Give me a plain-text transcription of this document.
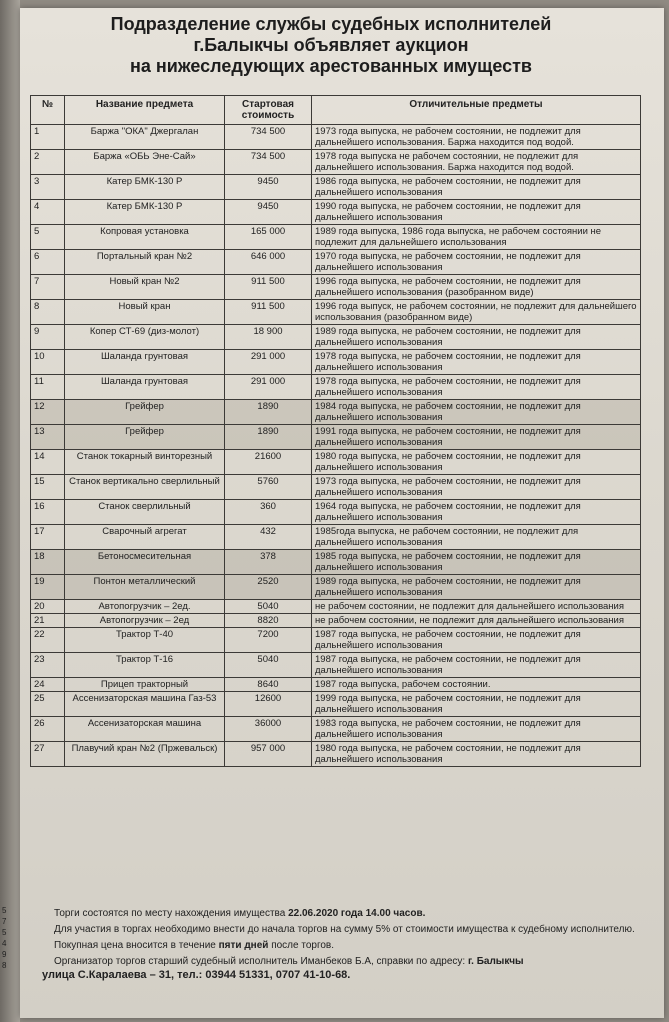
5
7
5
4
9
8
Подразделение службы судебных исполнителей
г.Балыкчы объявляет аукцион
на нижеследующих арестованных имуществ
№	Название предмета	Стартовая стоимость	Отличительные предметы
1	Баржа "ОКА" Джергалан	734 500	1973 года выпуска, не рабочем состоянии, не подлежит для дальнейшего использования. Баржа находится под водой.
2	Баржа «ОБЬ Эне-Сай»	734 500	1978 года выпуска не рабочем состоянии, не подлежит для дальнейшего использования. Баржа находится под водой.
3	Катер БМК-130 Р	9450	1986 года выпуска, не рабочем состоянии, не подлежит для дальнейшего использования
4	Катер БМК-130 Р	9450	1990 года выпуска, не рабочем состоянии, не подлежит для дальнейшего использования
5	Копровая установка	165 000	1989 года выпуска, 1986 года выпуска, не рабочем состоянии не подлежит для дальнейшего использования
6	Портальный кран №2	646 000	1970 года выпуска, не рабочем состоянии, не подлежит для дальнейшего использования
7	Новый кран №2	911 500	1996 года выпуска, не рабочем состоянии, не подлежит для дальнейшего использования (разобранном виде)
8	Новый кран	911 500	1996 года выпуск, не рабочем состоянии, не подлежит для дальнейшего использования (разобранном виде)
9	Копер СТ-69 (диз-молот)	18 900	1989 года выпуска, не рабочем состоянии, не подлежит для дальнейшего использования
10	Шаланда грунтовая	291 000	1978 года выпуска, не рабочем состоянии, не подлежит для дальнейшего использования
11	Шаланда грунтовая	291 000	1978 года выпуска, не рабочем состоянии, не подлежит для дальнейшего использования
12	Грейфер	1890	1984 года выпуска, не рабочем состоянии, не подлежит для дальнейшего использования
13	Грейфер	1890	1991 года выпуска, не рабочем состоянии, не подлежит для дальнейшего использования
14	Станок токарный винторезный	21600	1980 года выпуска, не рабочем состоянии, не подлежит для дальнейшего использования
15	Станок вертикально сверлильный	5760	1973 года выпуска, не рабочем состоянии, не подлежит для дальнейшего использования
16	Станок сверлильный	360	1964 года выпуска, не рабочем состоянии, не подлежит для дальнейшего использования
17	Сварочный агрегат	432	1985года выпуска, не рабочем состоянии, не подлежит для дальнейшего использования
18	Бетоносмесительная	378	1985 года выпуска, не рабочем состоянии, не подлежит для дальнейшего использования
19	Понтон металлический	2520	1989 года выпуска, не рабочем состоянии, не подлежит для дальнейшего использования
20	Автопогрузчик – 2ед.	5040	не рабочем состоянии, не подлежит для дальнейшего использования
21	Автопогрузчик – 2ед	8820	не рабочем состоянии, не подлежит для дальнейшего использования
22	Трактор Т-40	7200	1987 года выпуска, не рабочем состоянии, не подлежит для дальнейшего использования
23	Трактор Т-16	5040	1987 года выпуска, не рабочем состоянии, не подлежит для дальнейшего использования
24	Прицеп тракторный	8640	1987 года выпуска, рабочем состоянии.
25	Ассенизаторская машина Газ-53	12600	1999 года выпуска, не рабочем состоянии, не подлежит для дальнейшего использования
26	Ассенизаторская машина	36000	1983 года выпуска, не рабочем состоянии, не подлежит для дальнейшего использования
27	Плавучий кран №2 (Пржевальск)	957 000	1980 года выпуска, не рабочем состоянии, не подлежит для дальнейшего использования

Торги состоятся по месту нахождения имущества 22.06.2020 года 14.00 часов.

Для участия в торгах необходимо внести до начала торгов на сумму 5% от стоимости имущества к судебному исполнителю.

Покупная цена вносится в течение пяти дней после торгов.

Организатор торгов старший судебный исполнитель Иманбеков Б.А, справки по адресу: г. Балыкчы

улица С.Каралаева – 31, тел.: 03944 51331, 0707 41-10-68.
